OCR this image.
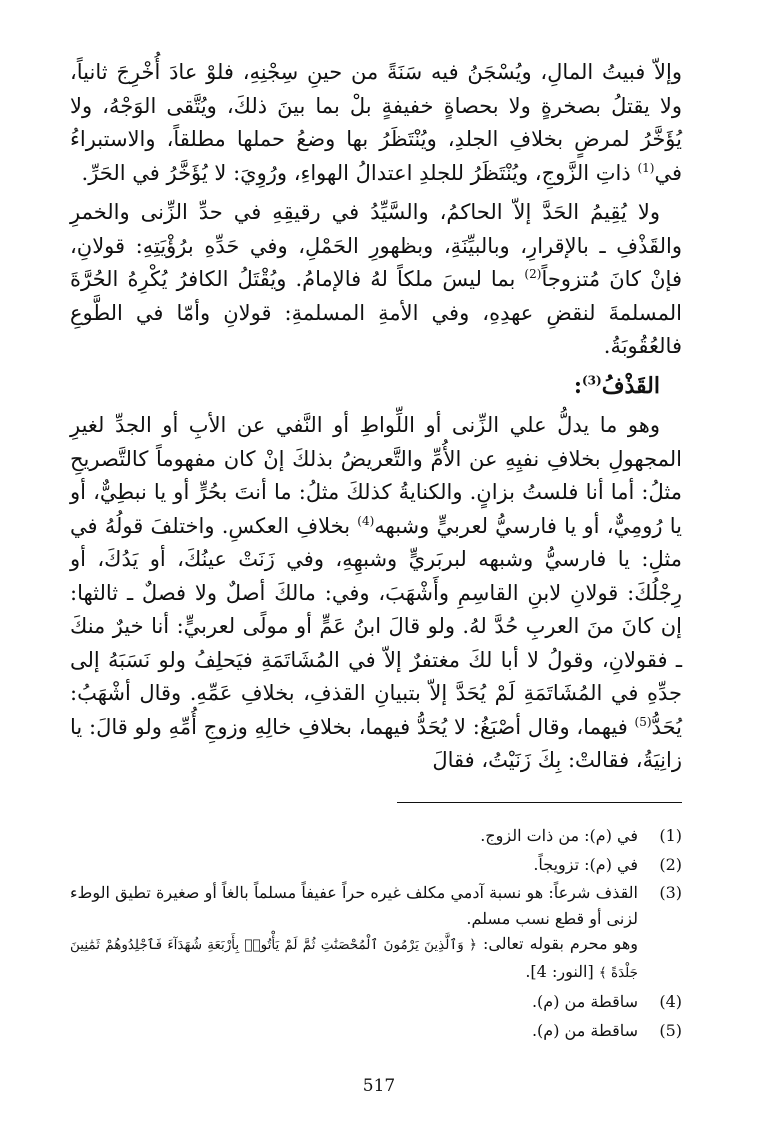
وإلاّ فبيتُ المالِ، ويُسْجَنُ فيه سَنَةً من حينِ سِجْنِهِ، فلوْ عادَ أُخْرِجَ ثانياً، ولا يقتلُ بصخرةٍ ولا بحصاةٍ خفيفةٍ بلْ بما بينَ ذلكَ، ويُتَّقى الوَجْهُ، ولا يُؤَخَّرُ لمرضٍ بخلافِ الجلدِ، ويُنْتَظَرُ بها وضعُ حملها مطلقاً، والاستبراءُ في$^{(1)}$ ذاتِ الزَّوجِ، ويُنْتَظَرُ للجلدِ اعتدالُ الهواءِ، ورُوِيَ: لا يُؤَخَّرُ في الحَرِّ.

ولا يُقِيمُ الحَدَّ إلاّ الحاكمُ، والسَّيِّدُ في رقيقِهِ في حدِّ الزِّنى والخمرِ والقَذْفِ ـ بالإقرارِ، وبالبيِّنَةِ، وبظهورِ الحَمْلِ، وفي حَدِّهِ برُؤْيَتِهِ: قولانِ، فإنْ كانَ مُتزوجاً$^{(2)}$ بما ليسَ ملكاً لهُ فالإمامُ. ويُقْتَلُ الكافرُ يُكْرِهُ الحُرَّةَ المسلمةَ لنقضِ عهدِهِ، وفي الأمةِ المسلمةِ: قولانِ وأمّا في الطَّوعِ فالعُقُوبَةُ.

القَذْفُ$^{(3)}$:

وهو ما يدلُّ علي الزِّنى أو اللِّواطِ أو النَّفي عن الأبِ أو الجدِّ لغيرِ المجهولِ بخلافِ نفيِهِ عن الأُمِّ والتَّعريضُ بذلكَ إنْ كان مفهوماً كالتَّصريحِ مثلُ: أما أنا فلستُ بزانٍ. والكنايةُ كذلكَ مثلُ: ما أنتَ بحُرٍّ أو يا نبطِيٌّ، أو يا رُومِيٌّ، أو يا فارسيُّ لعربيٍّ وشبهه$^{(4)}$ بخلافِ العكسِ. واختلفَ قولُهُ في مثلِ: يا فارسيُّ وشبهه لبربَريٍّ وشبهِهِ، وفي زَنَتْ عينُكَ، أو يَدُكَ، أو رِجْلُكَ: قولانِ لابنِ القاسِمِ وأَشْهَبَ، وفي: مالكَ أصلٌ ولا فصلٌ ـ ثالثها: إن كانَ منَ العربِ حُدَّ لهُ. ولو قالَ ابنُ عَمٍّ أو مولًى لعربيٍّ: أنا خيرٌ منكَ ـ فقولانِ، وقولُ لا أبا لكَ مغتفرٌ إلاّ في المُشَاتَمَةِ فيَحلِفُ ولو نَسَبَهُ إلى جدِّهِ في المُشَاتَمَةِ لَمْ يُحَدَّ إلاّ بتبيانِ القذفِ، بخلافِ عَمِّهِ. وقال أشْهَبُ: يُحَدُّ$^{(5)}$ فيهما، وقال أصْبَغُ: لا يُحَدُّ فيهما، بخلافِ خالِهِ وزوجِ أُمِّهِ ولو قالَ: يا زانِيَةُ، فقالتْ: بِكَ زَنَيْتُ، فقالَ

(1)
في (م): من ذات الزوج.
(2)
في (م): تزويجاً.
(3)

القذف شرعاً: هو نسبة آدمي مكلف غيره حراً عفيفاً مسلماً بالغاً أو صغيرة تطيق الوطء لزنى أو قطع نسب مسلم.

وهو محرم بقوله تعالى: ﴿ وَٱلَّذِينَ يَرْمُونَ ٱلْمُحْصَنَٰتِ ثُمَّ لَمْ يَأْتُوا۟ بِأَرْبَعَةِ شُهَدَآءَ فَٱجْلِدُوهُمْ ثَمَٰنِينَ جَلْدَةً ﴾ [النور: 4].

(4)
ساقطة من (م).
(5)
ساقطة من (م).
517
